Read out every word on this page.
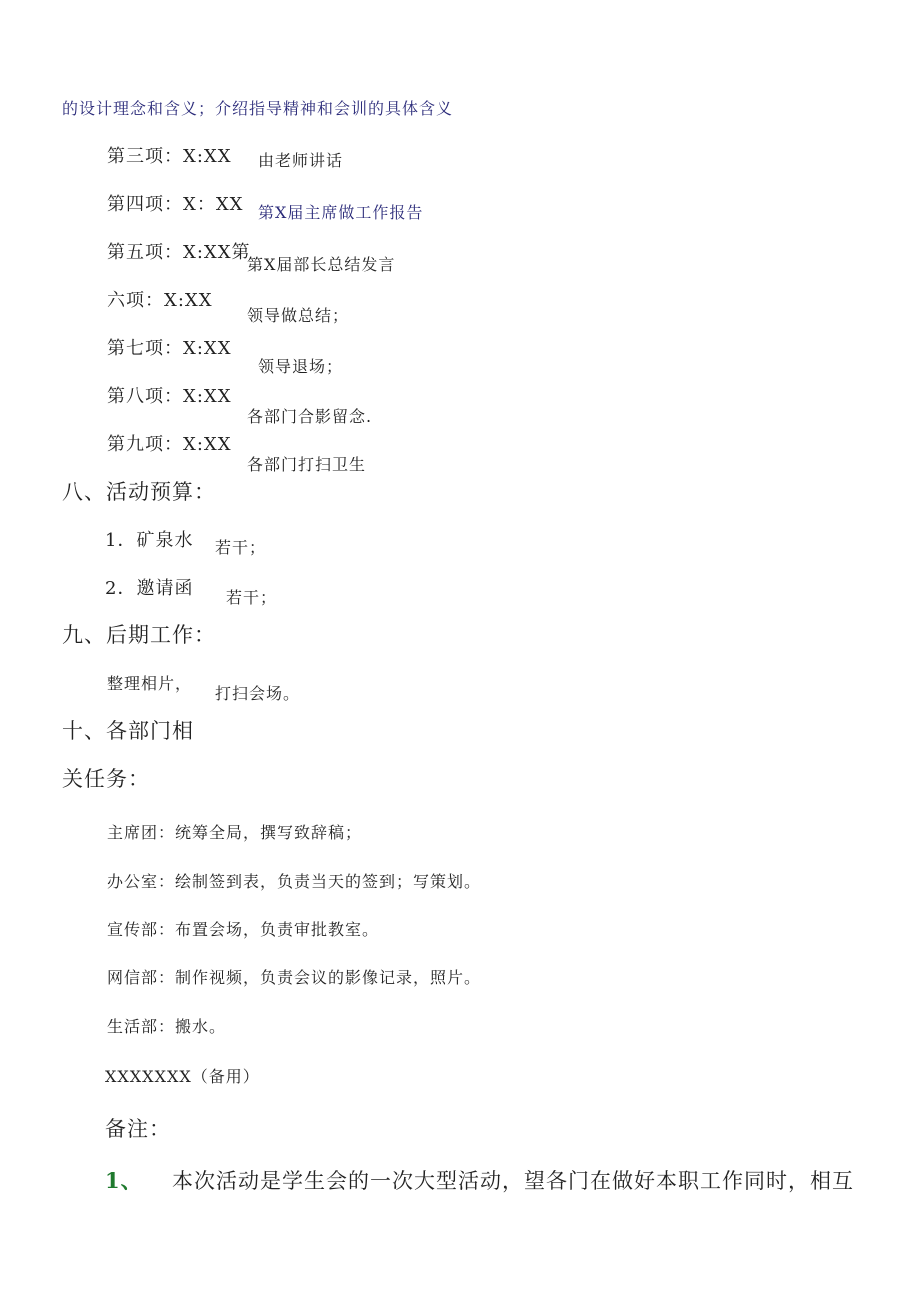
的设计理念和含义；介绍指导精神和会训的具体含义
第三项：X:XX 由老师讲话
第四项：X：XX 第X届主席做工作报告
第五项：X:XX第
第X届部长总结发言
六项：X:XX
领导做总结；
第七项：X:XX
领导退场；
第八项：X:XX
各部门合影留念.
第九项：X:XX
各部门打扫卫生
八、活动预算：
1．矿泉水 若干；
2．邀请函 若干；
九、后期工作：
整理相片，
打扫会场。
十、各部门相
关任务：
主席团：统筹全局，撰写致辞稿；
办公室：绘制签到表，负责当天的签到；写策划。
宣传部：布置会场，负责审批教室。
网信部：制作视频，负责会议的影像记录，照片。
生活部：搬水。
XXXXXXX（备用）
备注：
1、 本次活动是学生会的一次大型活动，望各门在做好本职工作同时，相互
